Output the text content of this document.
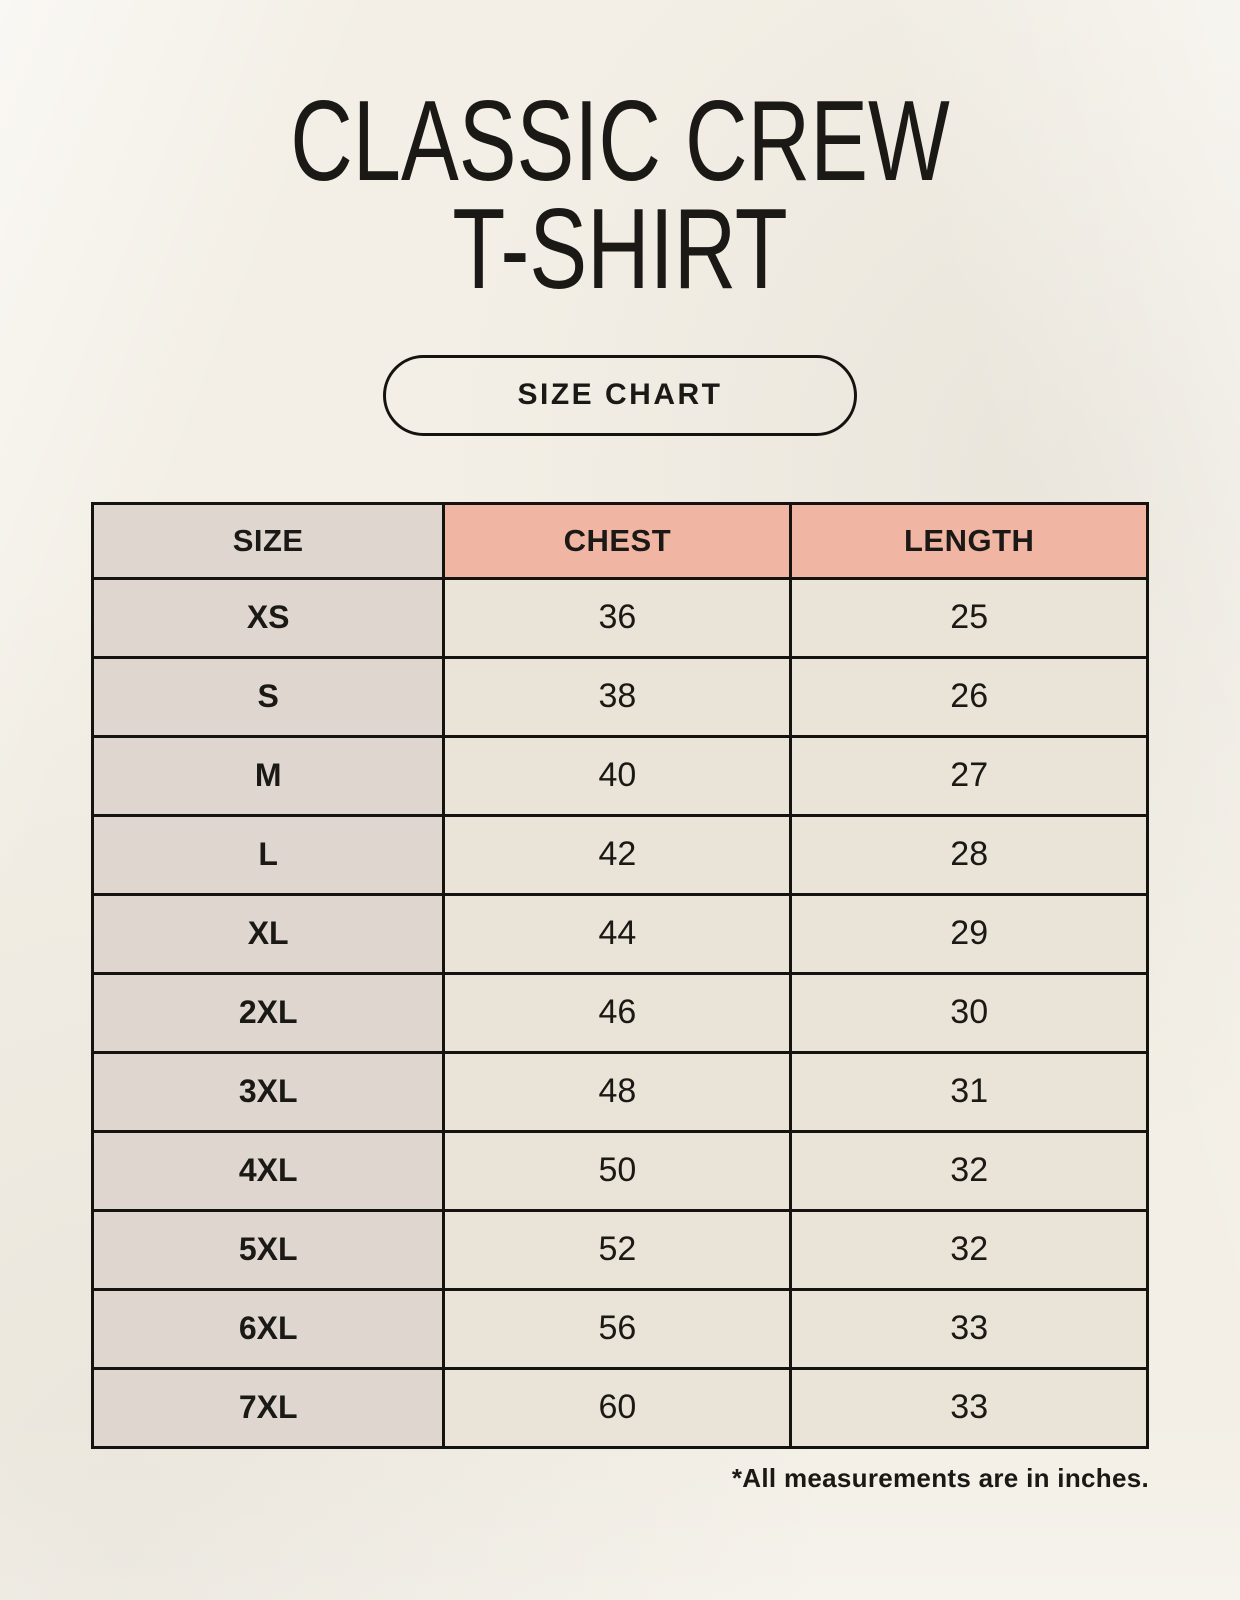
CLASSIC CREW
T-SHIRT
SIZE CHART
SIZE	CHEST	LENGTH
XS	36	25
S	38	26
M	40	27
L	42	28
XL	44	29
2XL	46	30
3XL	48	31
4XL	50	32
5XL	52	32
6XL	56	33
7XL	60	33
*All measurements are in inches.
